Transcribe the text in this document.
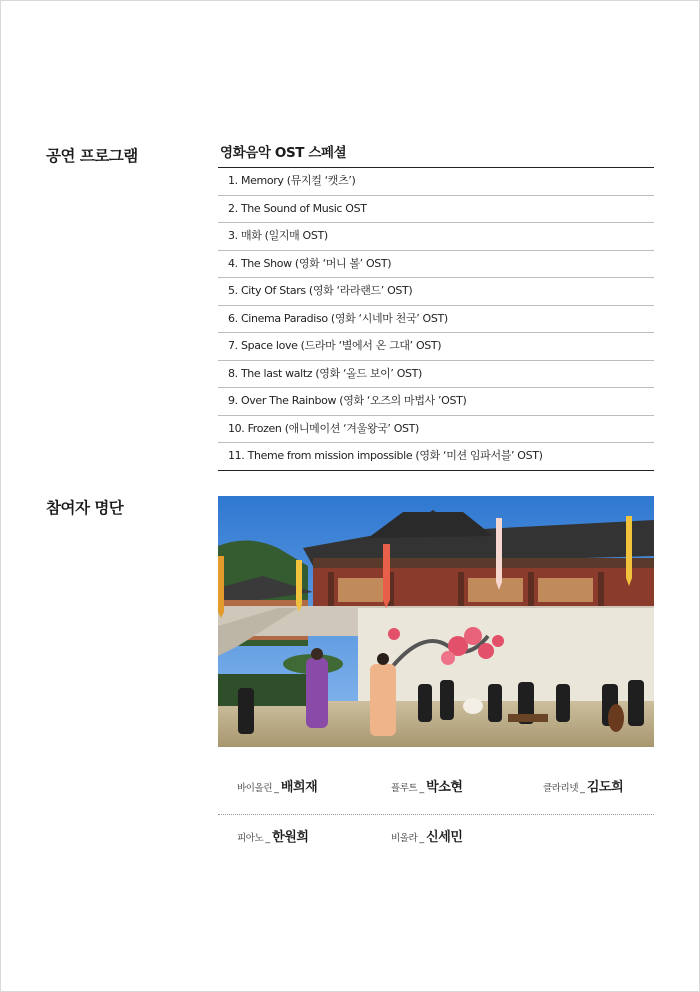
공연 프로그램
참여자 명단
영화음악 OST 스페셜
1. Memory (뮤지컬 ‘캣츠’)
2. The Sound of Music OST
3. 매화 (일지매 OST)
4. The Show (영화 ‘머니 볼’ OST)
5. City Of Stars (영화 ‘라라랜드’ OST)
6. Cinema Paradiso (영화 ‘시네마 천국’ OST)
7. Space love (드라마 ‘별에서 온 그대’ OST)
8. The last waltz (영화 ‘올드 보이’ OST)
9. Over The Rainbow (영화 ‘오즈의 마법사 ’OST)
10. Frozen (애니메이션 ‘겨울왕국’ OST)
11. Theme from mission impossible (영화 ‘미션 임파서블’ OST)
바이올린 _ 배희재	플루트 _ 박소현	클라리넷 _ 김도희
피아노 _ 한원희	비올라 _ 신세민
